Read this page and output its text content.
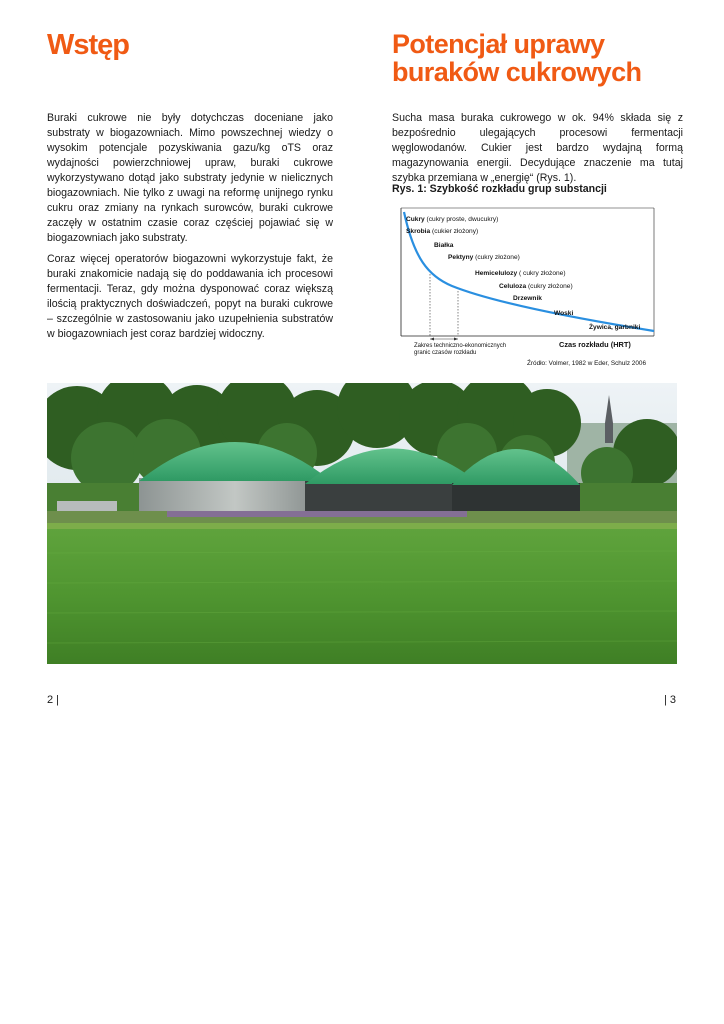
Wstęp	Potencjał uprawy
buraków cukrowych

Buraki cukrowe nie były dotychczas doceniane jako substraty w biogazowniach. Mimo powszechnej wiedzy o wysokim potencjale pozyskiwania gazu/kg oTS oraz wydajności powierzchniowej upraw, buraki cukrowe wykorzystywano dotąd jako substraty jedynie w nielicznych biogazowniach. Nie tylko z uwagi na reformę unijnego rynku cukru oraz zmiany na rynkach surowców, buraki cukrowe zaczęły w ostatnim czasie coraz częściej pojawiać się w biogazowniach jako substraty.

Coraz więcej operatorów biogazowni wykorzystuje fakt, że buraki znakomicie nadają się do poddawania ich procesowi fermentacji. Teraz, gdy można dysponować coraz większą ilością praktycznych doświadczeń, popyt na buraki cukrowe – szczególnie w zastosowaniu jako uzupełnienia substratów w biogazowniach jest coraz bardziej widoczny.

Sucha masa buraka cukrowego w ok. 94% składa się z bezpośrednio ulegających procesowi fermentacji węglowodanów. Cukier jest bardzo wydajną formą magazynowania energii. Decydujące znaczenie ma tutaj szybka przemiana w „energię“ (Rys. 1).

Rys. 1: Szybkość rozkładu grup substancji
Cukry (cukry proste, dwucukry)
Skrobia (cukier złożony)
Białka
Pektyny (cukry złożone)
Hemicelulozy ( cukry złożone)
Celuloza (cukry złożone)
Drzewnik
Woski
Żywica, garbniki
Zakres techniczno-ekonomicznych
granic czasów rozkładu
Czas rozkładu (HRT)
Źródło: Volmer, 1982 w Eder, Schulz 2006
2 |	| 3
